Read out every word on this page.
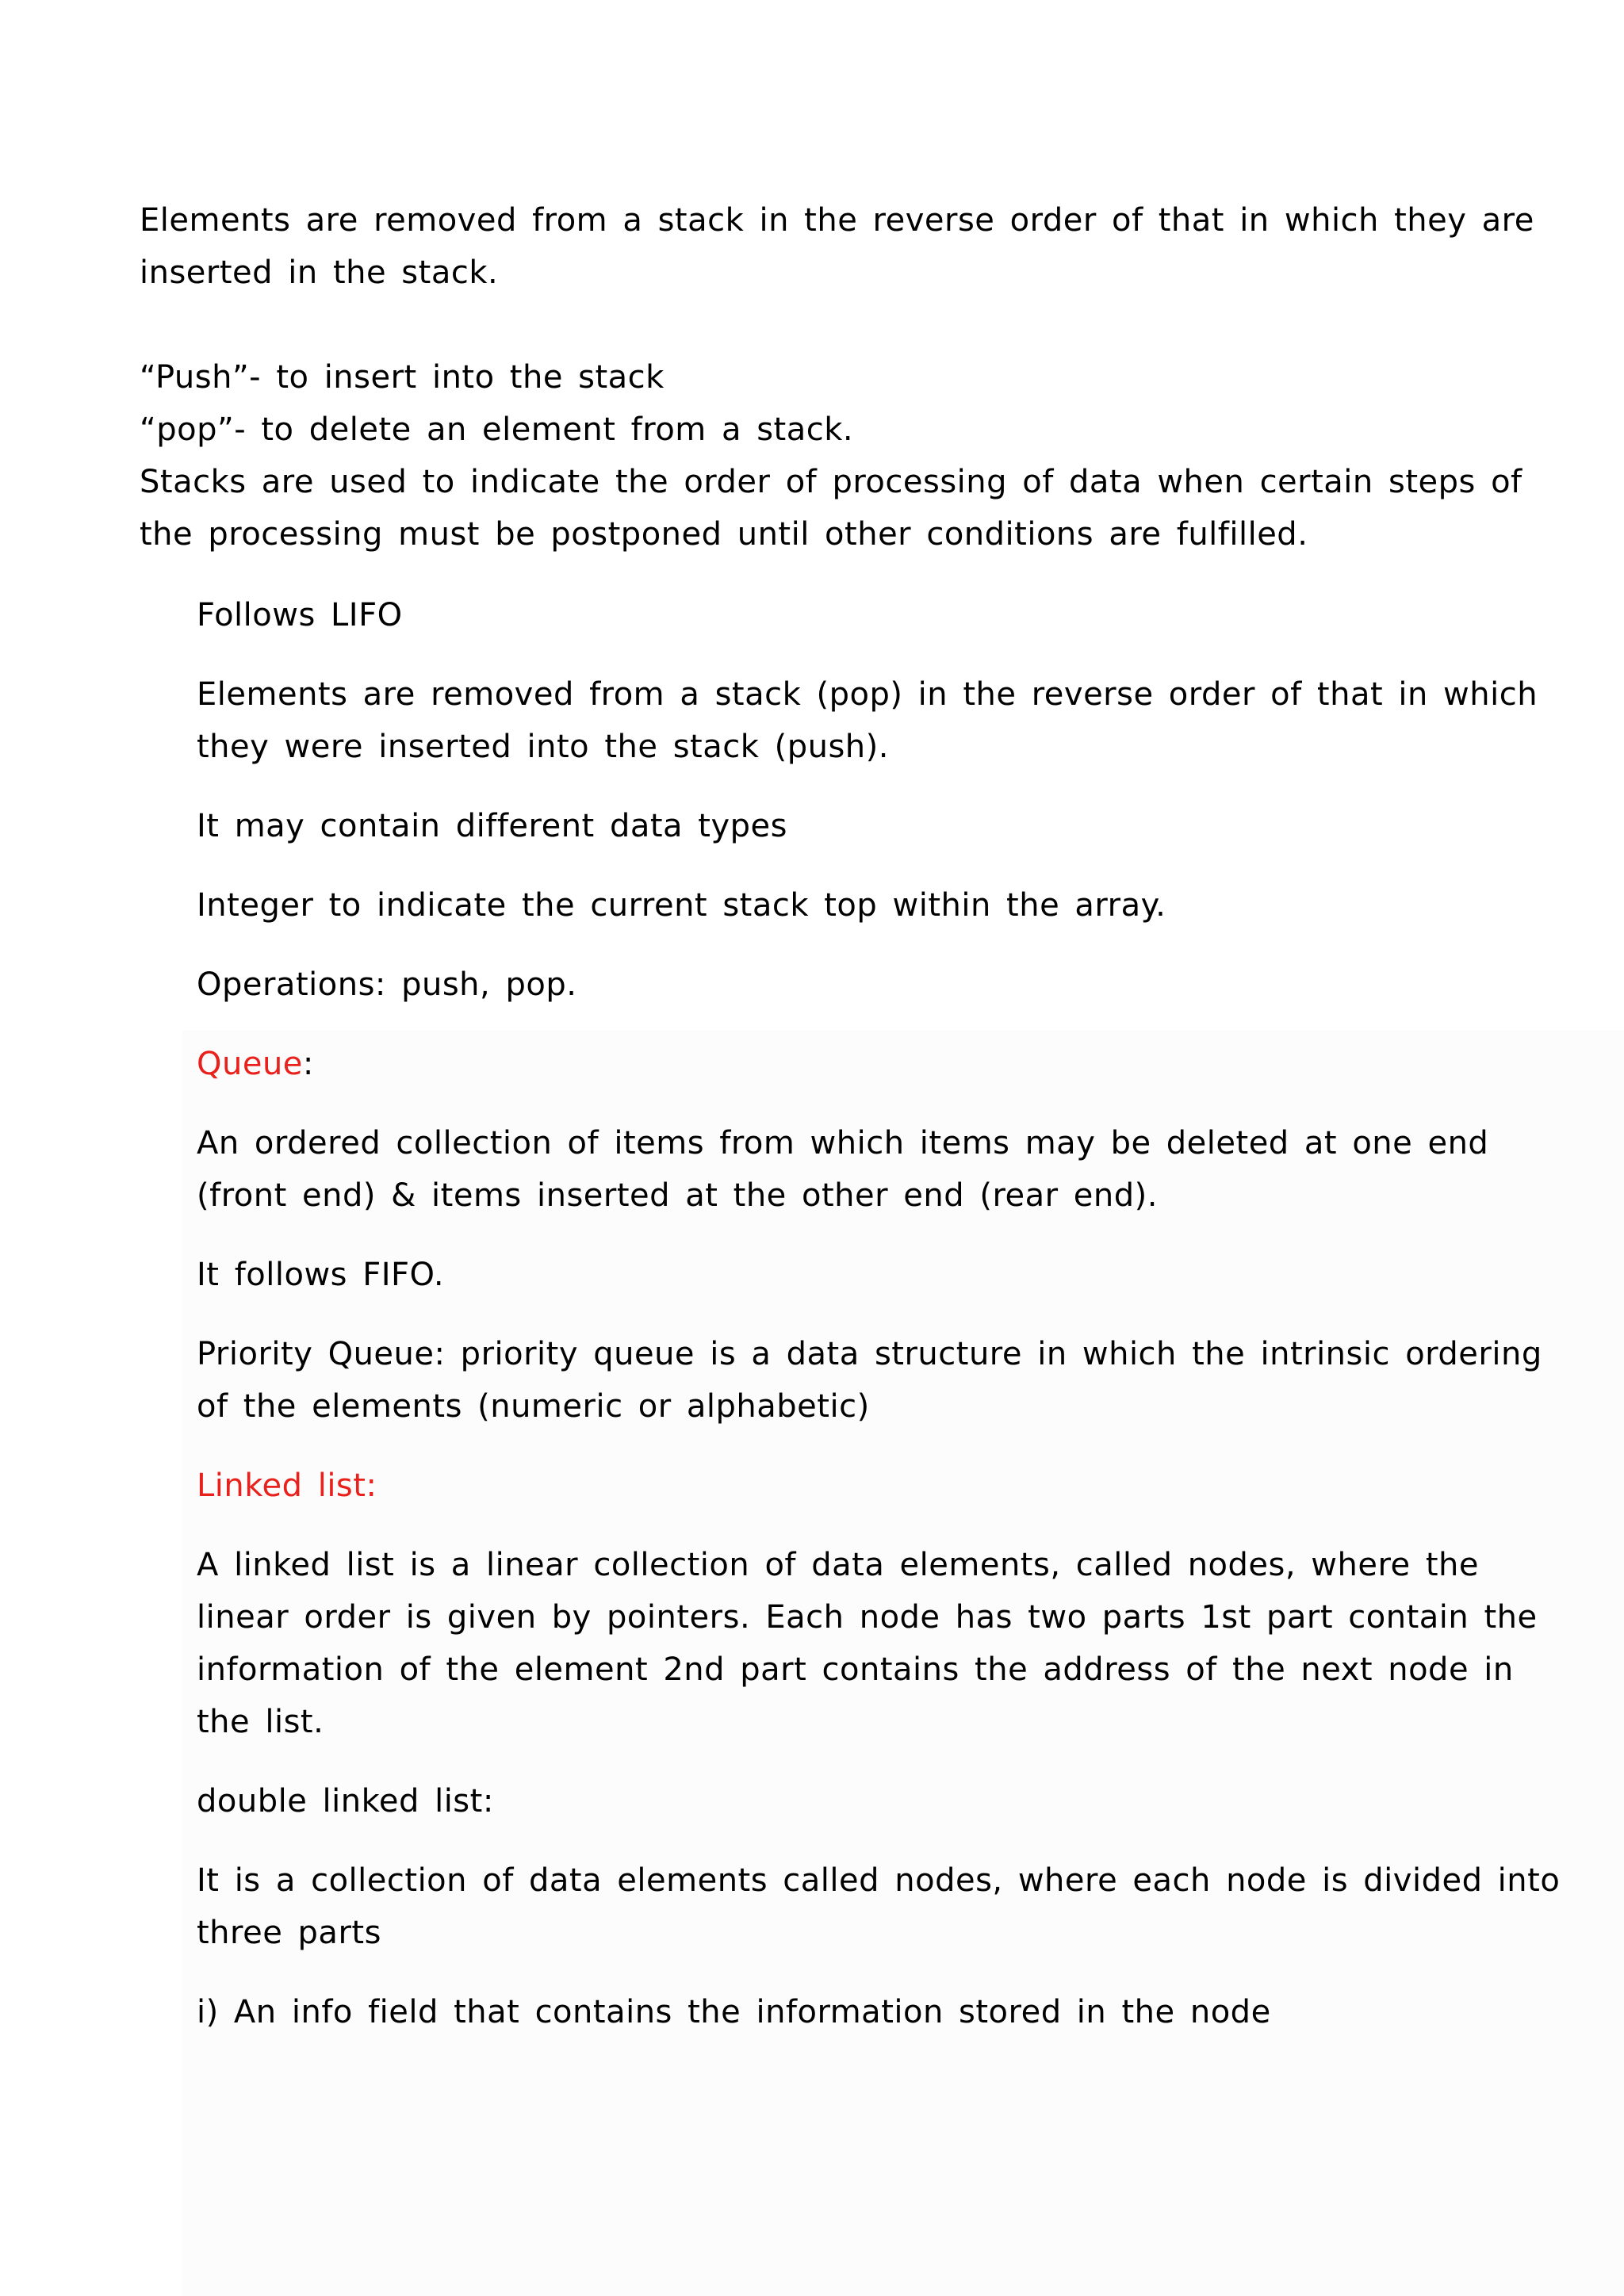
Elements are removed from a stack in the reverse order of that in which they are

inserted in the stack.

“Push”- to insert into the stack

“pop”- to delete an element from a stack.

Stacks are used to indicate the order of processing of data when certain steps of

the processing must be postponed until other conditions are fulfilled.

Follows LIFO

Elements are removed from a stack (pop) in the reverse order of that in which

they were inserted into the stack (push).

It may contain different data types

Integer to indicate the current stack top within the array.

Operations: push, pop.

Queue:

An ordered collection of items from which items may be deleted at one end

(front end) & items inserted at the other end (rear end).

It follows FIFO.

Priority Queue: priority queue is a data structure in which the intrinsic ordering

of the elements (numeric or alphabetic)

Linked list:

A linked list is a linear collection of data elements, called nodes, where the

linear order is given by pointers. Each node has two parts 1st part contain the

information of the element 2nd part contains the address of the next node in

the list.

double linked list:

It is a collection of data elements called nodes, where each node is divided into

three parts

i) An info field that contains the information stored in the node
